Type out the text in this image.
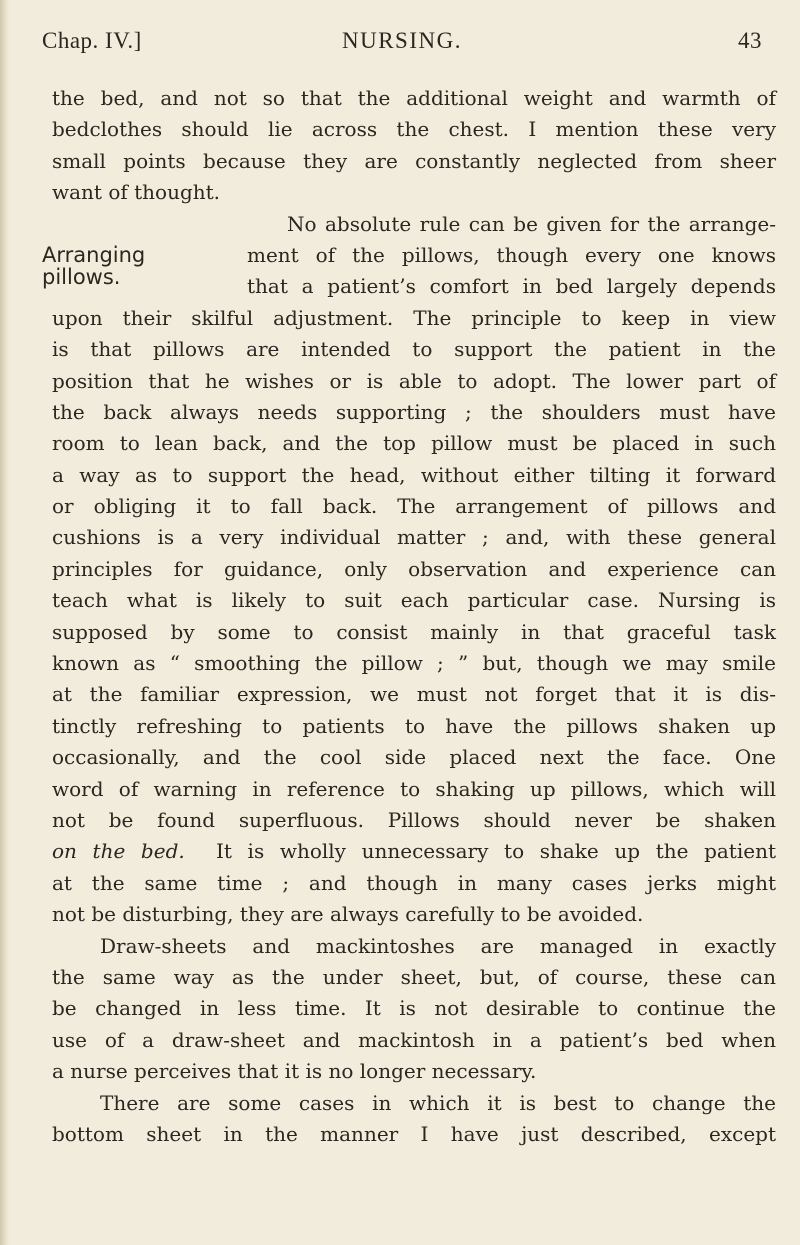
Chap. IV.]	NURSING.	43
Arranging
pillows.
the bed, and not so that the additional weight and warmth of
bedclothes should lie across the chest. I mention these very
small points because they are constantly neglected from sheer
want of thought.
No absolute rule can be given for the arrange-
ment of the pillows, though every one knows
that a patient’s comfort in bed largely depends
upon their skilful adjustment. The principle to keep in view
is that pillows are intended to support the patient in the
position that he wishes or is able to adopt. The lower part of
the back always needs supporting ; the shoulders must have
room to lean back, and the top pillow must be placed in such
a way as to support the head, without either tilting it forward
or obliging it to fall back. The arrangement of pillows and
cushions is a very individual matter ; and, with these general
principles for guidance, only observation and experience can
teach what is likely to suit each particular case. Nursing is
supposed by some to consist mainly in that graceful task
known as “ smoothing the pillow ; ” but, though we may smile
at the familiar expression, we must not forget that it is dis-
tinctly refreshing to patients to have the pillows shaken up
occasionally, and the cool side placed next the face. One
word of warning in reference to shaking up pillows, which will
not be found superfluous. Pillows should never be shaken
on the bed. It is wholly unnecessary to shake up the patient
at the same time ; and though in many cases jerks might
not be disturbing, they are always carefully to be avoided.
Draw-sheets and mackintoshes are managed in exactly
the same way as the under sheet, but, of course, these can
be changed in less time. It is not desirable to continue the
use of a draw-sheet and mackintosh in a patient’s bed when
a nurse perceives that it is no longer necessary.
There are some cases in which it is best to change the
bottom sheet in the manner I have just described, except
